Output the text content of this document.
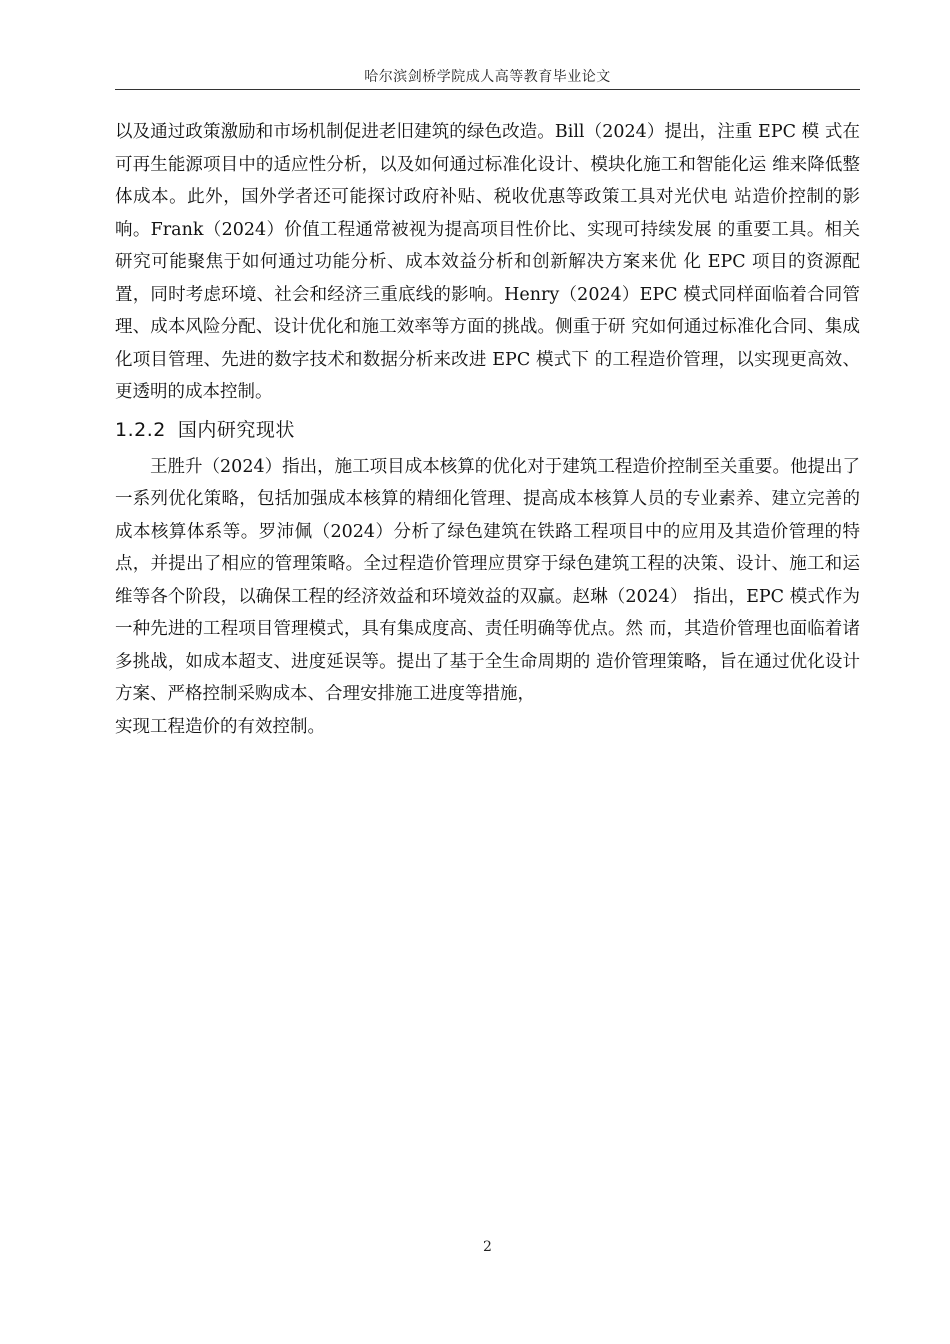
哈尔滨剑桥学院成人高等教育毕业论文

以及通过政策激励和市场机制促进老旧建筑的绿色改造。Bill（2024）提出，注重 EPC 模 式在可再生能源项目中的适应性分析，以及如何通过标准化设计、模块化施工和智能化运 维来降低整体成本。此外，国外学者还可能探讨政府补贴、税收优惠等政策工具对光伏电 站造价控制的影响。Frank（2024）价值工程通常被视为提高项目性价比、实现可持续发展 的重要工具。相关研究可能聚焦于如何通过功能分析、成本效益分析和创新解决方案来优 化 EPC 项目的资源配置，同时考虑环境、社会和经济三重底线的影响。Henry（2024）EPC 模式同样面临着合同管理、成本风险分配、设计优化和施工效率等方面的挑战。侧重于研 究如何通过标准化合同、集成化项目管理、先进的数字技术和数据分析来改进 EPC 模式下 的工程造价管理，以实现更高效、更透明的成本控制。

1.2.2 国内研究现状

王胜升（2024）指出，施工项目成本核算的优化对于建筑工程造价控制至关重要。他提出了一系列优化策略，包括加强成本核算的精细化管理、提高成本核算人员的专业素养、建立完善的成本核算体系等。罗沛佩（2024）分析了绿色建筑在铁路工程项目中的应用及其造价管理的特点，并提出了相应的管理策略。全过程造价管理应贯穿于绿色建筑工程的决策、设计、施工和运维等各个阶段，以确保工程的经济效益和环境效益的双赢。赵琳（2024） 指出，EPC 模式作为一种先进的工程项目管理模式，具有集成度高、责任明确等优点。然 而，其造价管理也面临着诸多挑战，如成本超支、进度延误等。提出了基于全生命周期的 造价管理策略，旨在通过优化设计方案、严格控制采购成本、合理安排施工进度等措施，

实现工程造价的有效控制。

2
